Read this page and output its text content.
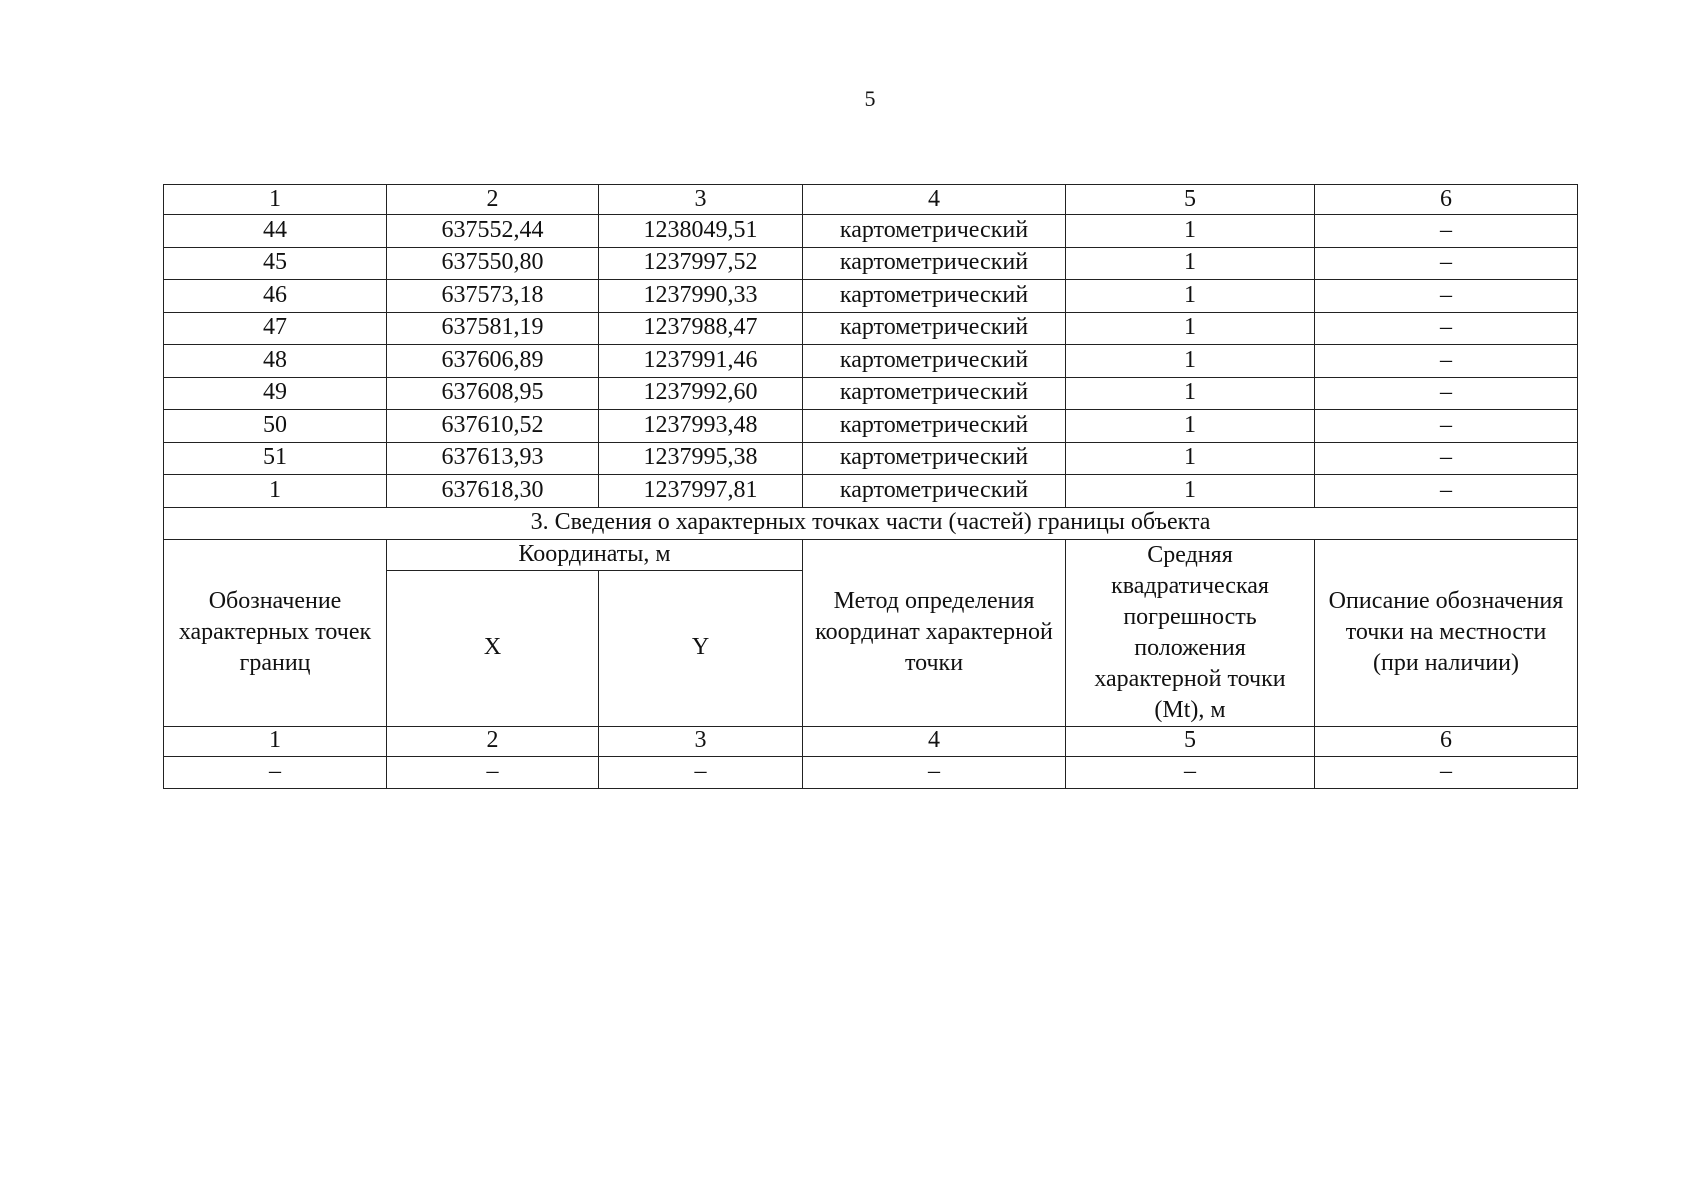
5
1	2	3	4	5	6
44	637552,44	1238049,51	картометрический	1	–
45	637550,80	1237997,52	картометрический	1	–
46	637573,18	1237990,33	картометрический	1	–
47	637581,19	1237988,47	картометрический	1	–
48	637606,89	1237991,46	картометрический	1	–
49	637608,95	1237992,60	картометрический	1	–
50	637610,52	1237993,48	картометрический	1	–
51	637613,93	1237995,38	картометрический	1	–
1	637618,30	1237997,81	картометрический	1	–
3. Сведения о характерных точках части (частей) границы объекта					

Обозначение характерных точек границ	Координаты, м		Метод определения координат характерной точки	Средняя квадратическая погрешность положения характерной точки (Mt), м	Описание обозначения точки на местности (при наличии)

	X	Y			
1	2	3	4	5	6
–	–	–	–	–	–
